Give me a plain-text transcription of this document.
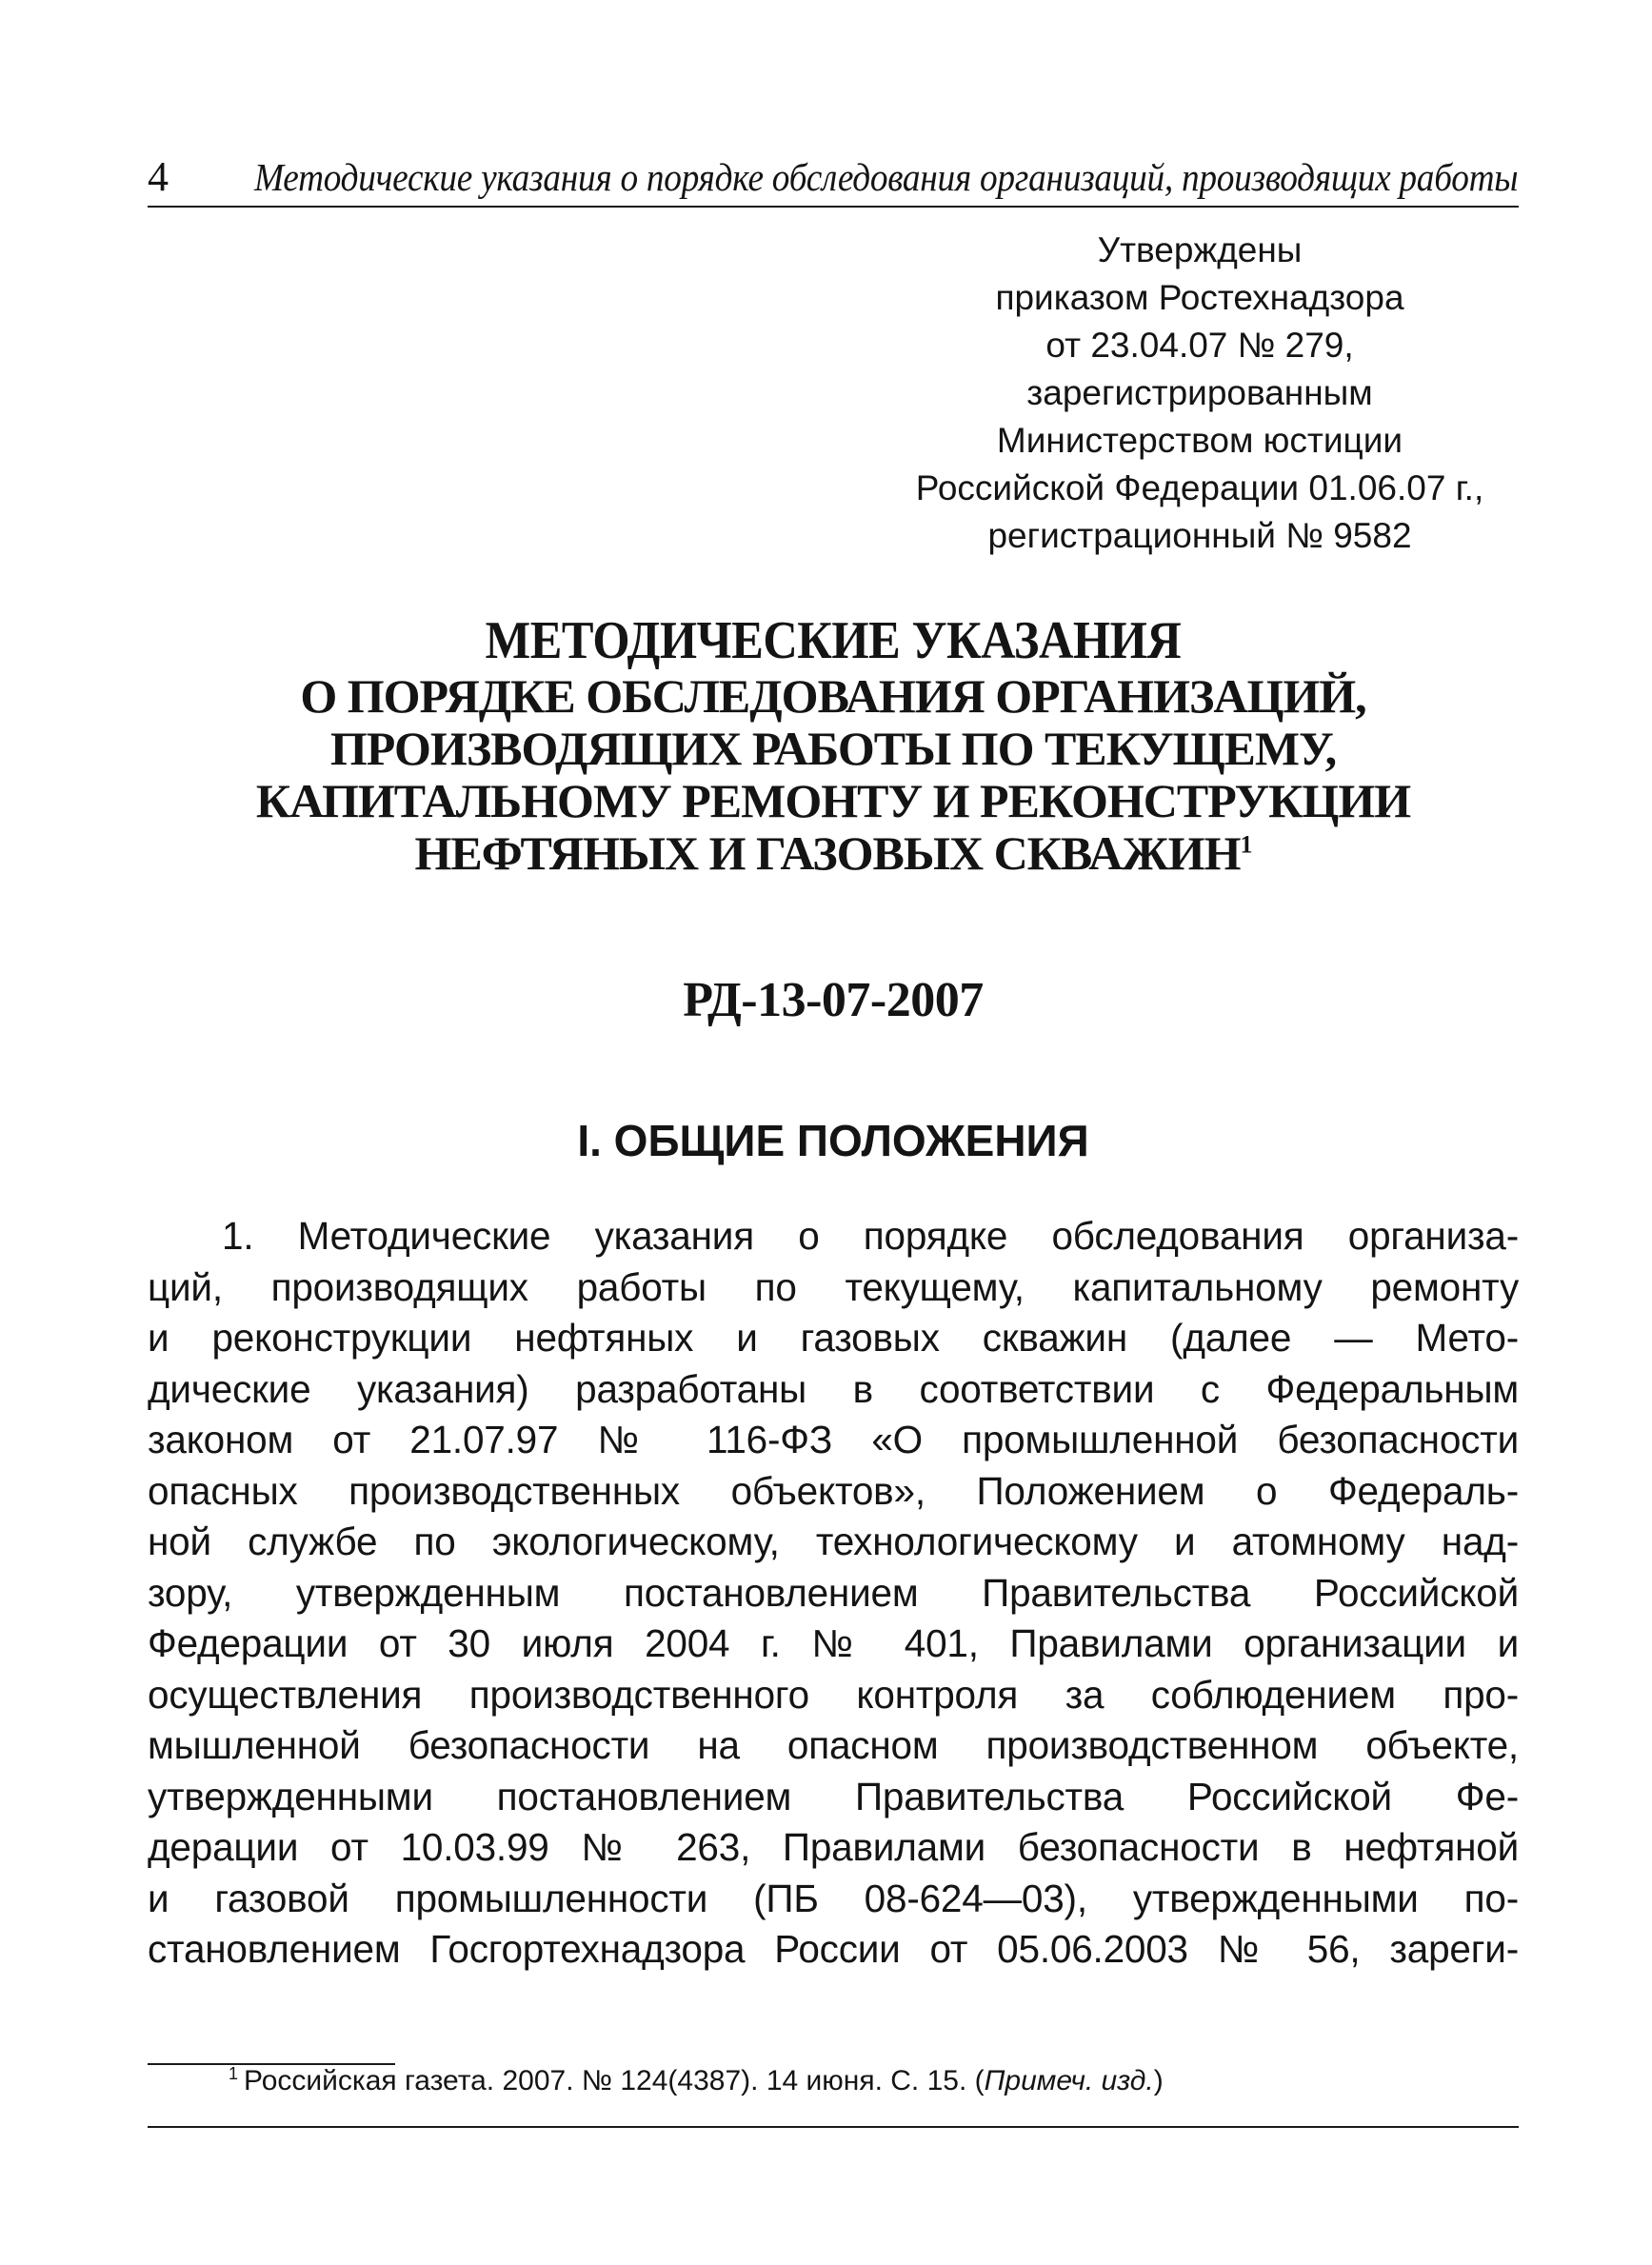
4 Методические указания о порядке обследования организаций, производящих работы
Утверждены
приказом Ростехнадзора
от 23.04.07 № 279,
зарегистрированным
Министерством юстиции
Российской Федерации 01.06.07 г.,
регистрационный № 9582
МЕТОДИЧЕСКИЕ УКАЗАНИЯ
О ПОРЯДКЕ ОБСЛЕДОВАНИЯ ОРГАНИЗАЦИЙ,
ПРОИЗВОДЯЩИХ РАБОТЫ ПО ТЕКУЩЕМУ,
КАПИТАЛЬНОМУ РЕМОНТУ И РЕКОНСТРУКЦИИ
НЕФТЯНЫХ И ГАЗОВЫХ СКВАЖИН$^1$
РД-13-07-2007
I. ОБЩИЕ ПОЛОЖЕНИЯ
1. Методические указания о порядке обследования организа-
ций, производящих работы по текущему, капитальному ремонту
и реконструкции нефтяных и газовых скважин (далее — Мето-
дические указания) разработаны в соответствии с Федеральным
законом от 21.07.97 № 116-ФЗ «О промышленной безопасности
опасных производственных объектов», Положением о Федераль-
ной службе по экологическому, технологическому и атомному над-
зору, утвержденным постановлением Правительства Российской
Федерации от 30 июля 2004 г. № 401, Правилами организации и
осуществления производственного контроля за соблюдением про-
мышленной безопасности на опасном производственном объекте,
утвержденными постановлением Правительства Российской Фе-
дерации от 10.03.99 № 263, Правилами безопасности в нефтяной
и газовой промышленности (ПБ 08-624—03), утвержденными по-
становлением Госгортехнадзора России от 05.06.2003 № 56, зареги-
$^1$ Российская газета. 2007. № 124(4387). 14 июня. С. 15. (Примеч. изд.)
